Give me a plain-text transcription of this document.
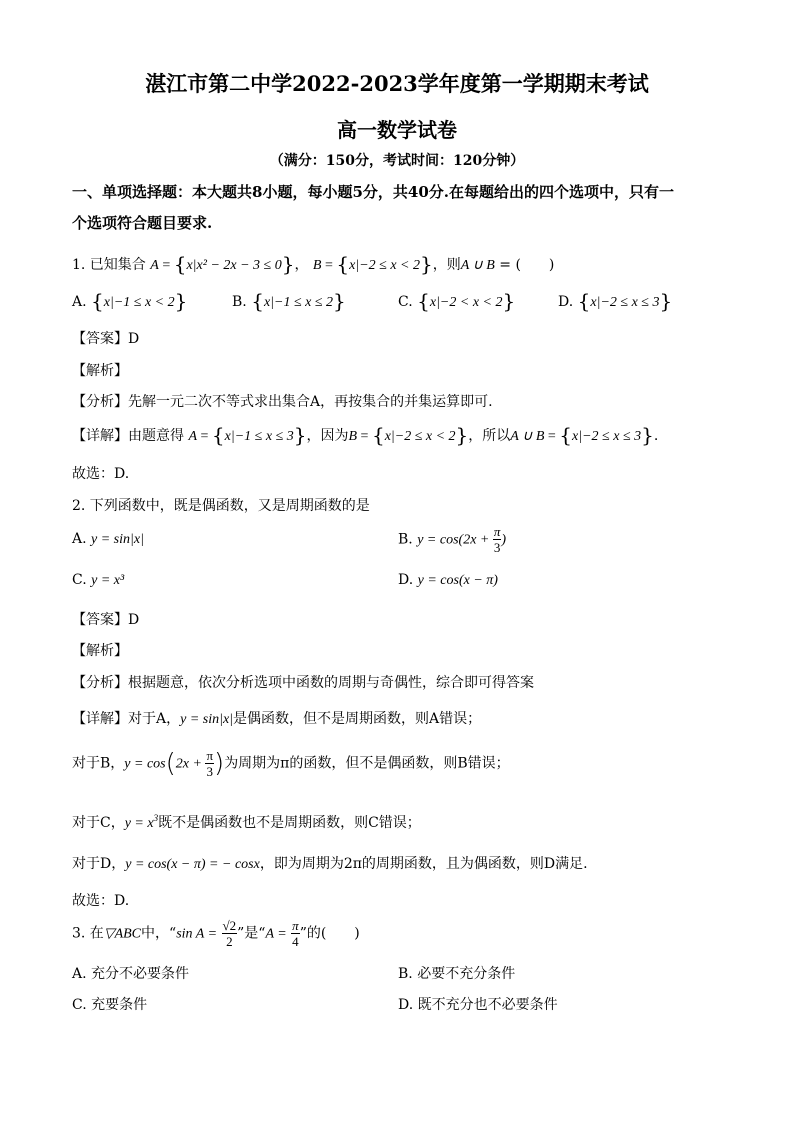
湛江市第二中学2022-2023学年度第一学期期末考试
高一数学试卷
（满分：150分，考试时间：120分钟）
一、单项选择题：本大题共8小题，每小题5分，共40分.在每题给出的四个选项中，只有一
个选项符合题目要求.
1. 已知集合 A = {x|x² − 2x − 3 ≤ 0}， B = {x|−2 ≤ x < 2}，则A ∪ B = (　　)
A. {x|−1 ≤ x < 2}	B. {x|−1 ≤ x ≤ 2}	C. {x|−2 < x < 2}	D. {x|−2 ≤ x ≤ 3}
【答案】D
【解析】
【分析】先解一元二次不等式求出集合A，再按集合的并集运算即可.
【详解】由题意得 A = {x|−1 ≤ x ≤ 3}，因为B = {x|−2 ≤ x < 2}，所以A ∪ B = {x|−2 ≤ x ≤ 3}.
故选：D.
2. 下列函数中，既是偶函数，又是周期函数的是
A. y = sin|x|	B. $y = \cos(2x + \frac{\pi}{3}$ )
C. y = x³	D. y = cos(x − π)
【答案】D
【解析】
【分析】根据题意，依次分析选项中函数的周期与奇偶性，综合即可得答案
【详解】对于A，y = sin|x|是偶函数，但不是周期函数，则A错误；
对于B，$y = \cos(2x + \frac{\pi}{3}$ )为周期为π的函数，但不是偶函数，则B错误；
对于C，$y = x^3$既不是偶函数也不是周期函数，则C错误；
对于D，y = cos(x − π) = − cosx，即为周期为2π的周期函数，且为偶函数，则D满足.
故选：D.
3. 在▽ABC中，“sin $A = \frac{√2}{2}$ ”是“$A = \frac{\pi}{4}$ ”的(　　)
A. 充分不必要条件	B. 必要不充分条件
C. 充要条件	D. 既不充分也不必要条件
